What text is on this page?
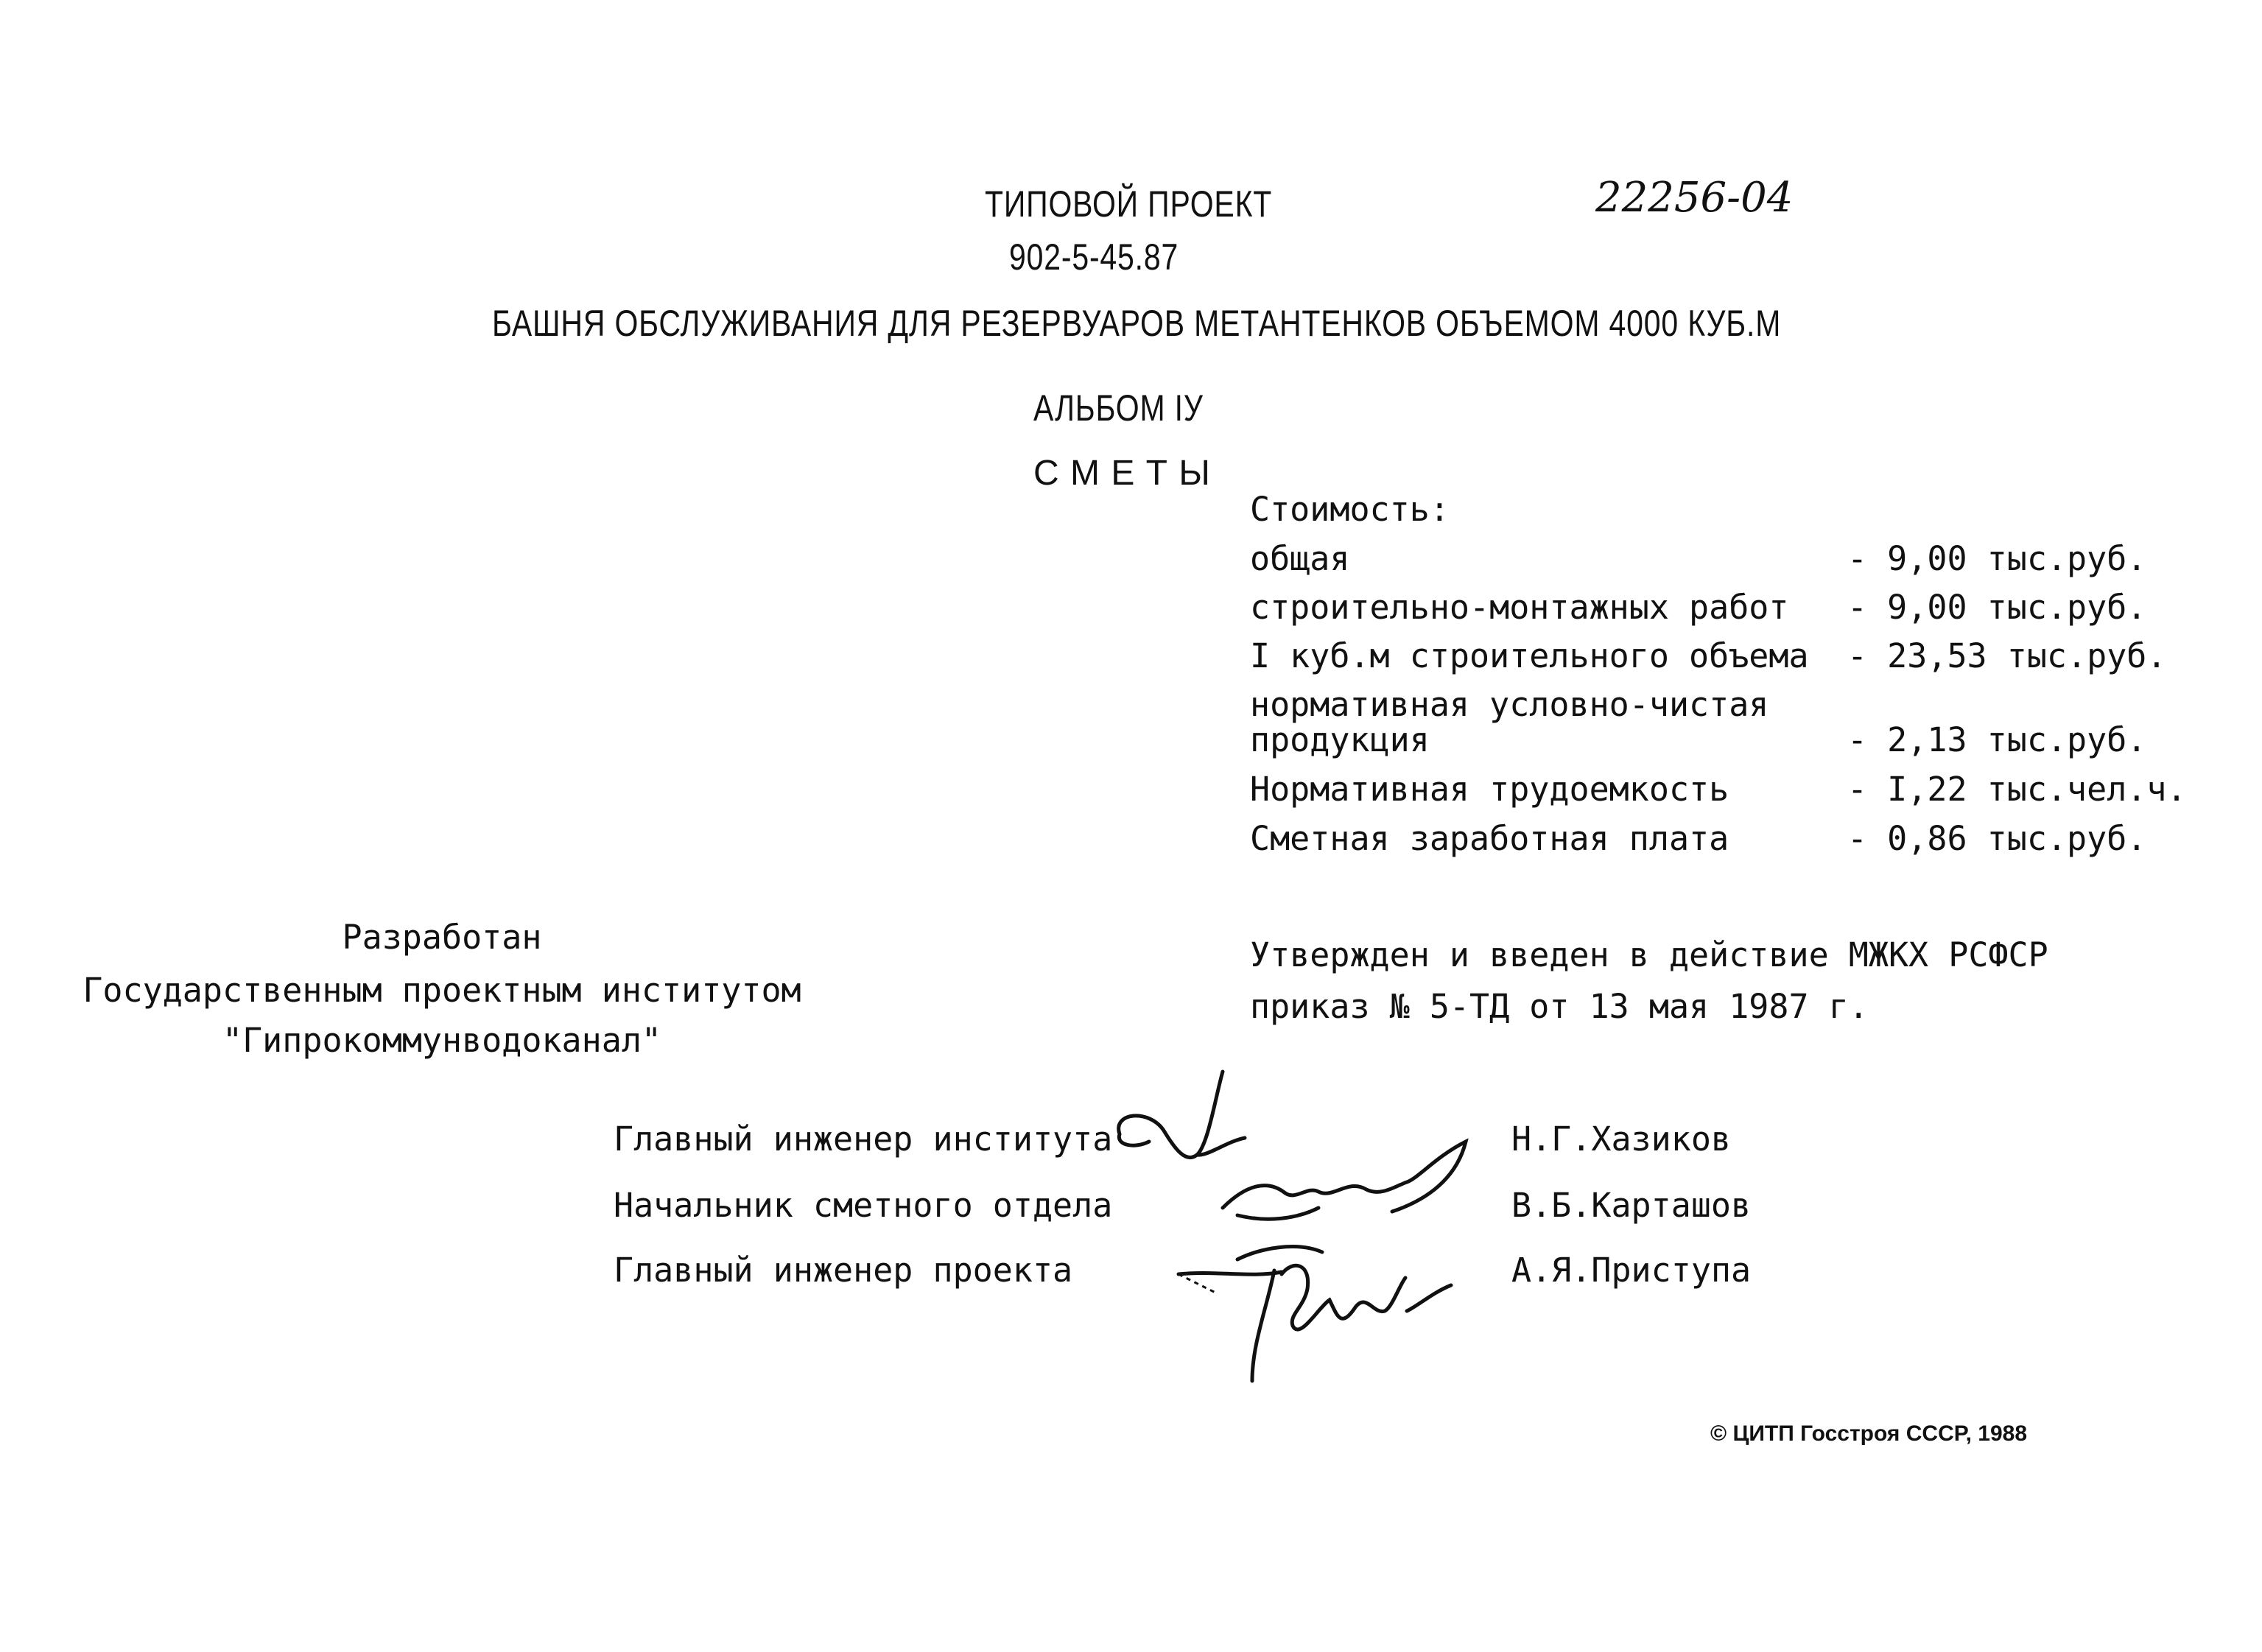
ТИПОВОЙ ПРОЕКТ	22256-04
902-5-45.87
БАШНЯ ОБСЛУЖИВАНИЯ ДЛЯ РЕЗЕРВУАРОВ МЕТАНТЕНКОВ ОБЪЕМОМ 4000 КУБ.М
АЛЬБОМ IУ
С М Е Т Ы
Стоимость:
общая	- 9,00 тыс.руб.
строительно-монтажных работ - 9,00 тыс.руб.
I куб.м строительного объема - 23,53 тыс.руб.
нормативная условно-чистая
продукция	- 2,13 тыс.руб.
Нормативная трудоемкость	- I,22 тыс.чел.ч.
Сметная заработная плата	- 0,86 тыс.руб.
Разработан
Государственным проектным институтом
"Гипрокоммунводоканал"
Утвержден и введен в действие МЖКХ РСФСР
приказ № 5-ТД от 13 мая 1987 г.
Главный инженер института	Н.Г.Хазиков
Начальник сметного отдела	В.Б.Карташов
Главный инженер проекта	А.Я.Приступа
© ЦИТП Госстроя СССР, 1988
